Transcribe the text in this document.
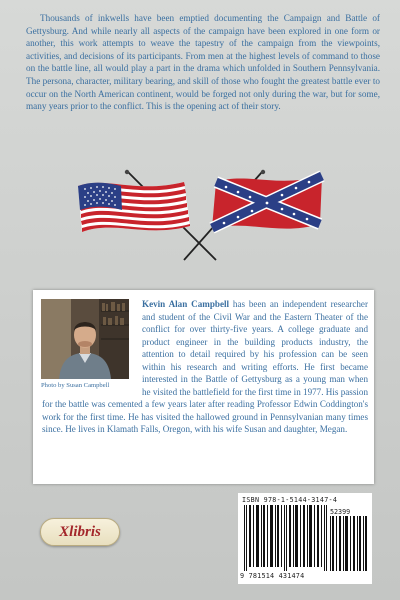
Thousands of inkwells have been emptied documenting the Campaign and Battle of Gettysburg. And while nearly all aspects of the campaign have been explored in one form or another, this work attempts to weave the tapestry of the campaign from the viewpoints, activities, and decisions of its participants. From men at the highest levels of command to those on the battle line, all would play a part in the drama which unfolded in Southern Pennsylvania. The persona, character, military bearing, and skill of those who fought the greatest battle ever to occur on the North American continent, would be forged not only during the war, but for some, many years prior to the conflict. This is the opening act of their story.

Kevin Alan Campbell has been an independent researcher and student of the Civil War and the Eastern Theater of the conflict for over thirty-five years. A college graduate and product engineer in the building products industry, the attention to detail required by his profession can be seen within his research and writing efforts. He first became interested in the Battle of Gettysburg as a young man when he visited the battlefield for the first time in 1977. His passion for the battle was cemented a few years later after reading Professor Edwin Coddington's work for the first time. He has visited the hallowed ground in Pennsylvanian many times since. He lives in Klamath Falls, Oregon, with his wife Susan and daughter, Megan.

Photo by Susan Campbell
Xlibris
ISBN 978-1-5144-3147-4
52399
9 781514 431474
